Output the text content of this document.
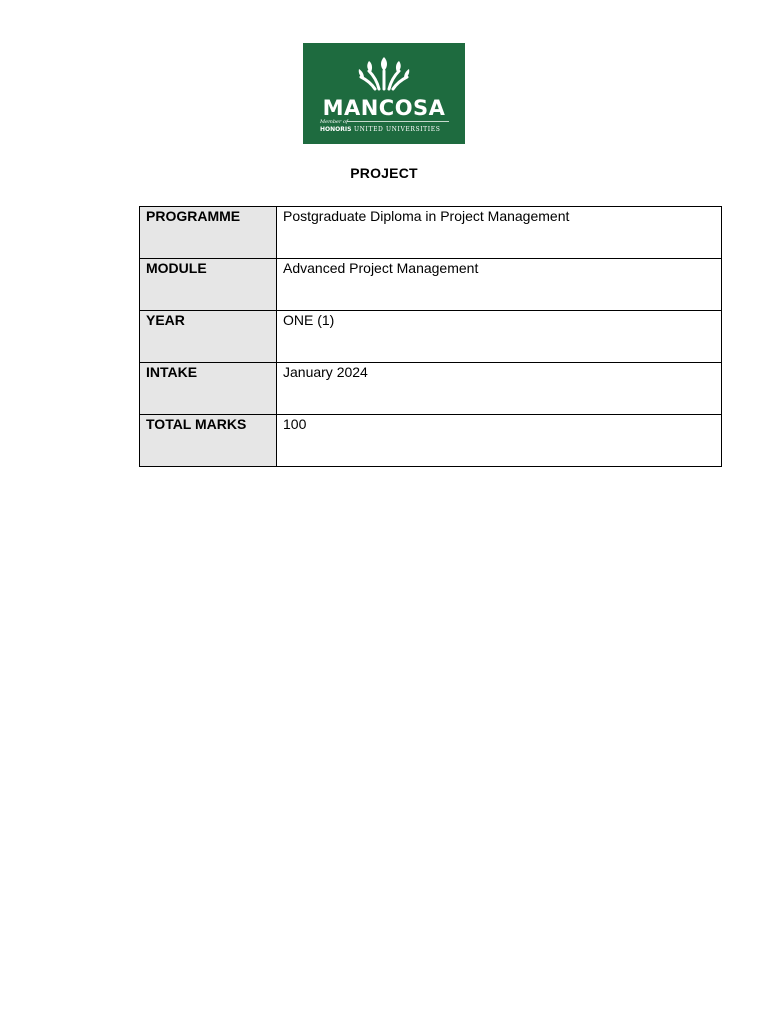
MANCOSA
Member of
HONORIS UNITED UNIVERSITIES
PROJECT
PROGRAMME	Postgraduate Diploma in Project Management

MODULE	Advanced Project Management

YEAR	ONE (1)

INTAKE	January 2024

TOTAL MARKS	100
